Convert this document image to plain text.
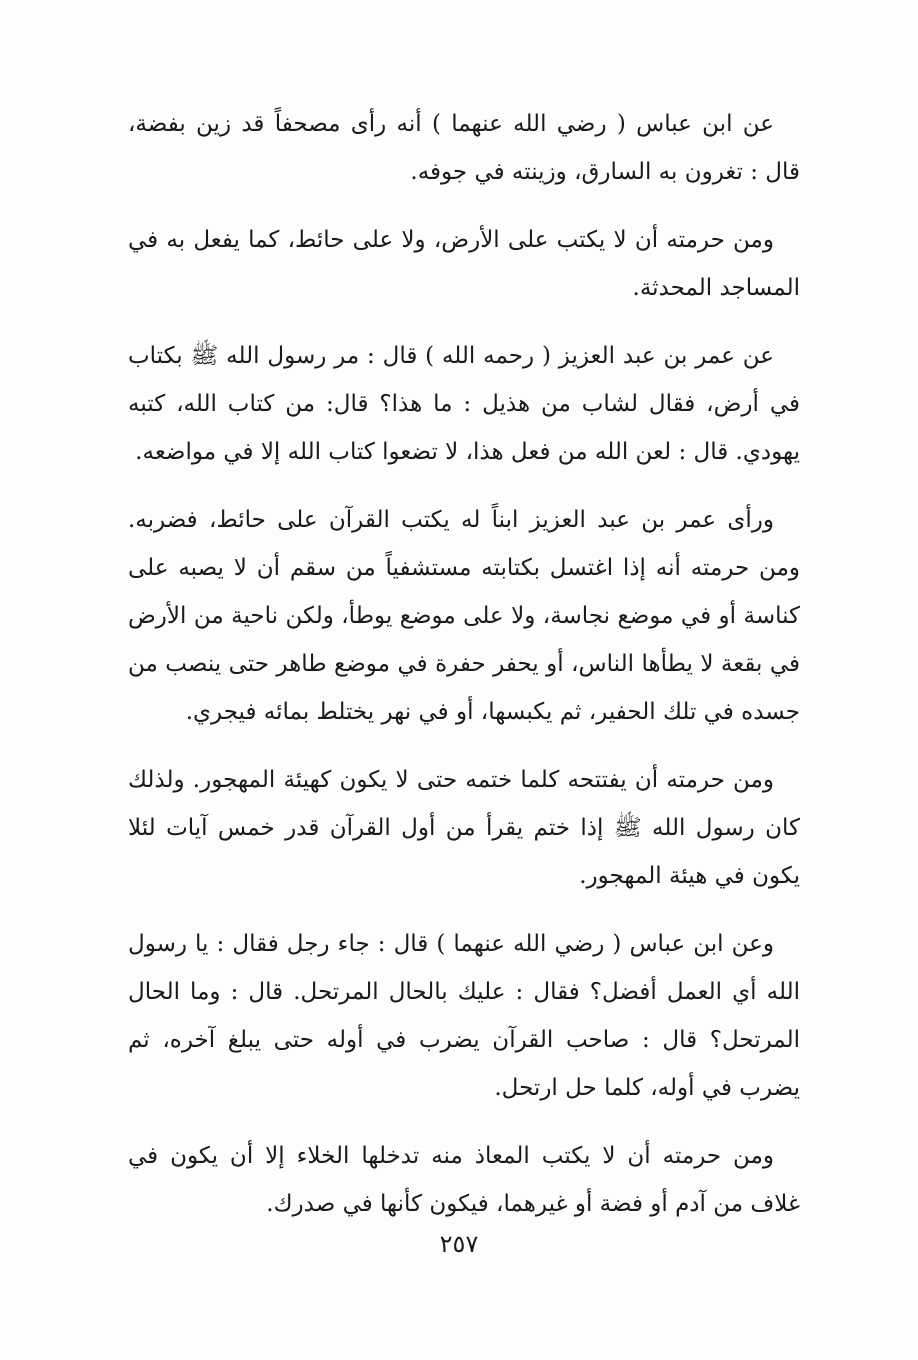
عن ابن عباس ( رضي الله عنهما ) أنه رأى مصحفاً قد زين بفضة، قال : تغرون به السارق، وزينته في جوفه.

ومن حرمته أن لا يكتب على الأرض، ولا على حائط، كما يفعل به في المساجد المحدثة.

عن عمر بن عبد العزيز ( رحمه الله ) قال : مر رسول الله ﷺ بكتاب في أرض، فقال لشاب من هذيل : ما هذا؟ قال: من كتاب الله، كتبه يهودي. قال : لعن الله من فعل هذا، لا تضعوا كتاب الله إلا في مواضعه.

ورأى عمر بن عبد العزيز ابناً له يكتب القرآن على حائط، فضربه. ومن حرمته أنه إذا اغتسل بكتابته مستشفياً من سقم أن لا يصبه على كناسة أو في موضع نجاسة، ولا على موضع يوطأ، ولكن ناحية من الأرض في بقعة لا يطأها الناس، أو يحفر حفرة في موضع طاهر حتى ينصب من جسده في تلك الحفير، ثم يكبسها، أو في نهر يختلط بمائه فيجري.

ومن حرمته أن يفتتحه كلما ختمه حتى لا يكون كهيئة المهجور. ولذلك كان رسول الله ﷺ إذا ختم يقرأ من أول القرآن قدر خمس آيات لئلا يكون في هيئة المهجور.

وعن ابن عباس ( رضي الله عنهما ) قال : جاء رجل فقال : يا رسول الله أي العمل أفضل؟ فقال : عليك بالحال المرتحل. قال : وما الحال المرتحل؟ قال : صاحب القرآن يضرب في أوله حتى يبلغ آخره، ثم يضرب في أوله، كلما حل ارتحل.

ومن حرمته أن لا يكتب المعاذ منه تدخلها الخلاء إلا أن يكون في غلاف من آدم أو فضة أو غيرهما، فيكون كأنها في صدرك.

٢٥٧
